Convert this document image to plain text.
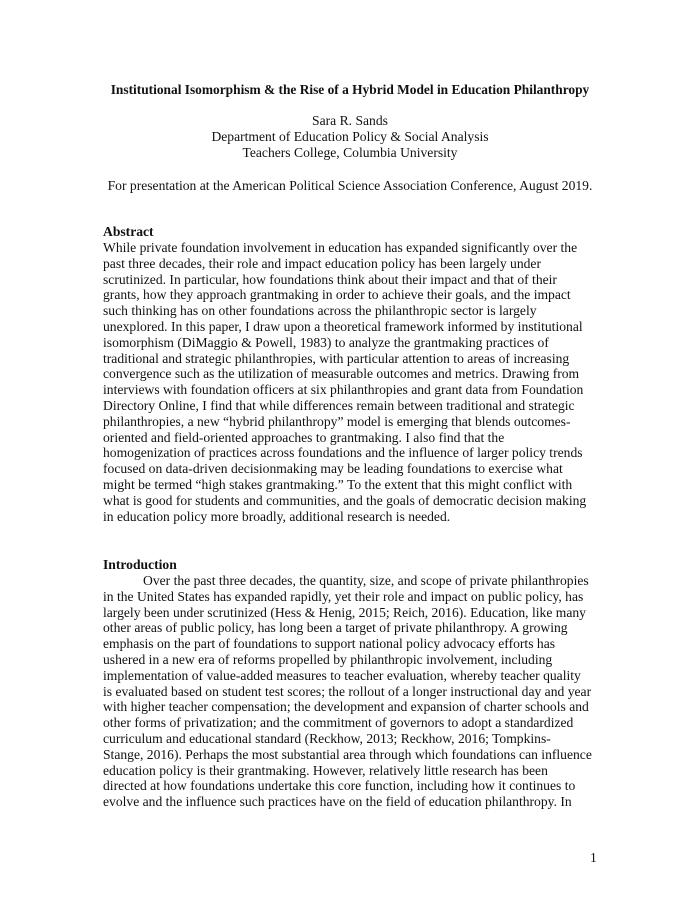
Institutional Isomorphism & the Rise of a Hybrid Model in Education Philanthropy
Sara R. Sands
Department of Education Policy & Social Analysis
Teachers College, Columbia University
For presentation at the American Political Science Association Conference, August 2019.
Abstract
While private foundation involvement in education has expanded significantly over the
past three decades, their role and impact education policy has been largely under
scrutinized. In particular, how foundations think about their impact and that of their
grants, how they approach grantmaking in order to achieve their goals, and the impact
such thinking has on other foundations across the philanthropic sector is largely
unexplored. In this paper, I draw upon a theoretical framework informed by institutional
isomorphism (DiMaggio & Powell, 1983) to analyze the grantmaking practices of
traditional and strategic philanthropies, with particular attention to areas of increasing
convergence such as the utilization of measurable outcomes and metrics. Drawing from
interviews with foundation officers at six philanthropies and grant data from Foundation
Directory Online, I find that while differences remain between traditional and strategic
philanthropies, a new “hybrid philanthropy” model is emerging that blends outcomes-
oriented and field-oriented approaches to grantmaking. I also find that the
homogenization of practices across foundations and the influence of larger policy trends
focused on data-driven decisionmaking may be leading foundations to exercise what
might be termed “high stakes grantmaking.” To the extent that this might conflict with
what is good for students and communities, and the goals of democratic decision making
in education policy more broadly, additional research is needed.
Introduction
Over the past three decades, the quantity, size, and scope of private philanthropies
in the United States has expanded rapidly, yet their role and impact on public policy, has
largely been under scrutinized (Hess & Henig, 2015; Reich, 2016). Education, like many
other areas of public policy, has long been a target of private philanthropy. A growing
emphasis on the part of foundations to support national policy advocacy efforts has
ushered in a new era of reforms propelled by philanthropic involvement, including
implementation of value-added measures to teacher evaluation, whereby teacher quality
is evaluated based on student test scores; the rollout of a longer instructional day and year
with higher teacher compensation; the development and expansion of charter schools and
other forms of privatization; and the commitment of governors to adopt a standardized
curriculum and educational standard (Reckhow, 2013; Reckhow, 2016; Tompkins-
Stange, 2016). Perhaps the most substantial area through which foundations can influence
education policy is their grantmaking. However, relatively little research has been
directed at how foundations undertake this core function, including how it continues to
evolve and the influence such practices have on the field of education philanthropy. In
1
